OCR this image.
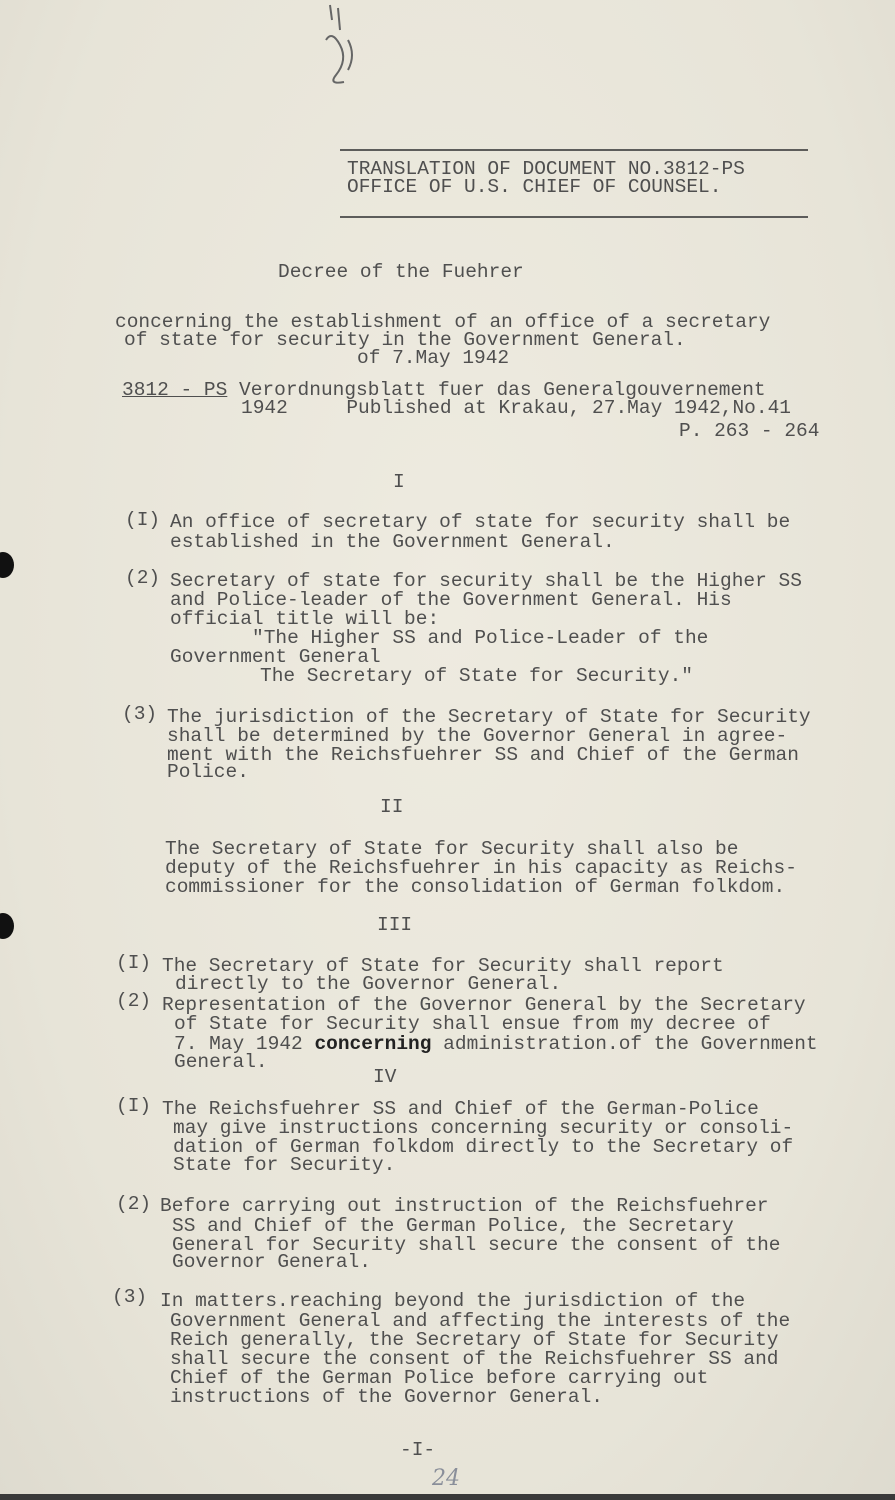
TRANSLATION OF DOCUMENT NO.3812-PS
OFFICE OF U.S. CHIEF OF COUNSEL.
Decree of the Fuehrer
concerning the establishment of an office of a secretary
of state for security in the Government General.
of 7.May 1942
3812 - PS Verordnungsblatt fuer das Generalgouvernement
1942     Published at Krakau, 27.May 1942,No.41
P. 263 - 264
I
(I) An office of secretary of state for security shall be
established in the Government General.
(2) Secretary of state for security shall be the Higher SS
and Police-leader of the Government General. His
official title will be:
"The Higher SS and Police-Leader of the
Government General
The Secretary of State for Security."
(3) The jurisdiction of the Secretary of State for Security
shall be determined by the Governor General in agree-
ment with the Reichsfuehrer SS and Chief of the German
Police.
II
The Secretary of State for Security shall also be
deputy of the Reichsfuehrer in his capacity as Reichs-
commissioner for the consolidation of German folkdom.
III
(I) The Secretary of State for Security shall report
directly to the Governor General.
(2) Representation of the Governor General by the Secretary
of State for Security shall ensue from my decree of
7. May 1942 concerning administration.of the Government
General.
IV
(I) The Reichsfuehrer SS and Chief of the German-Police
may give instructions concerning security or consoli-
dation of German folkdom directly to the Secretary of
State for Security.
(2) Before carrying out instruction of the Reichsfuehrer
SS and Chief of the German Police, the Secretary
General for Security shall secure the consent of the
Governor General.
(3) In matters.reaching beyond the jurisdiction of the
Government General and affecting the interests of the
Reich generally, the Secretary of State for Security
shall secure the consent of the Reichsfuehrer SS and
Chief of the German Police before carrying out
instructions of the Governor General.
-I-
24
